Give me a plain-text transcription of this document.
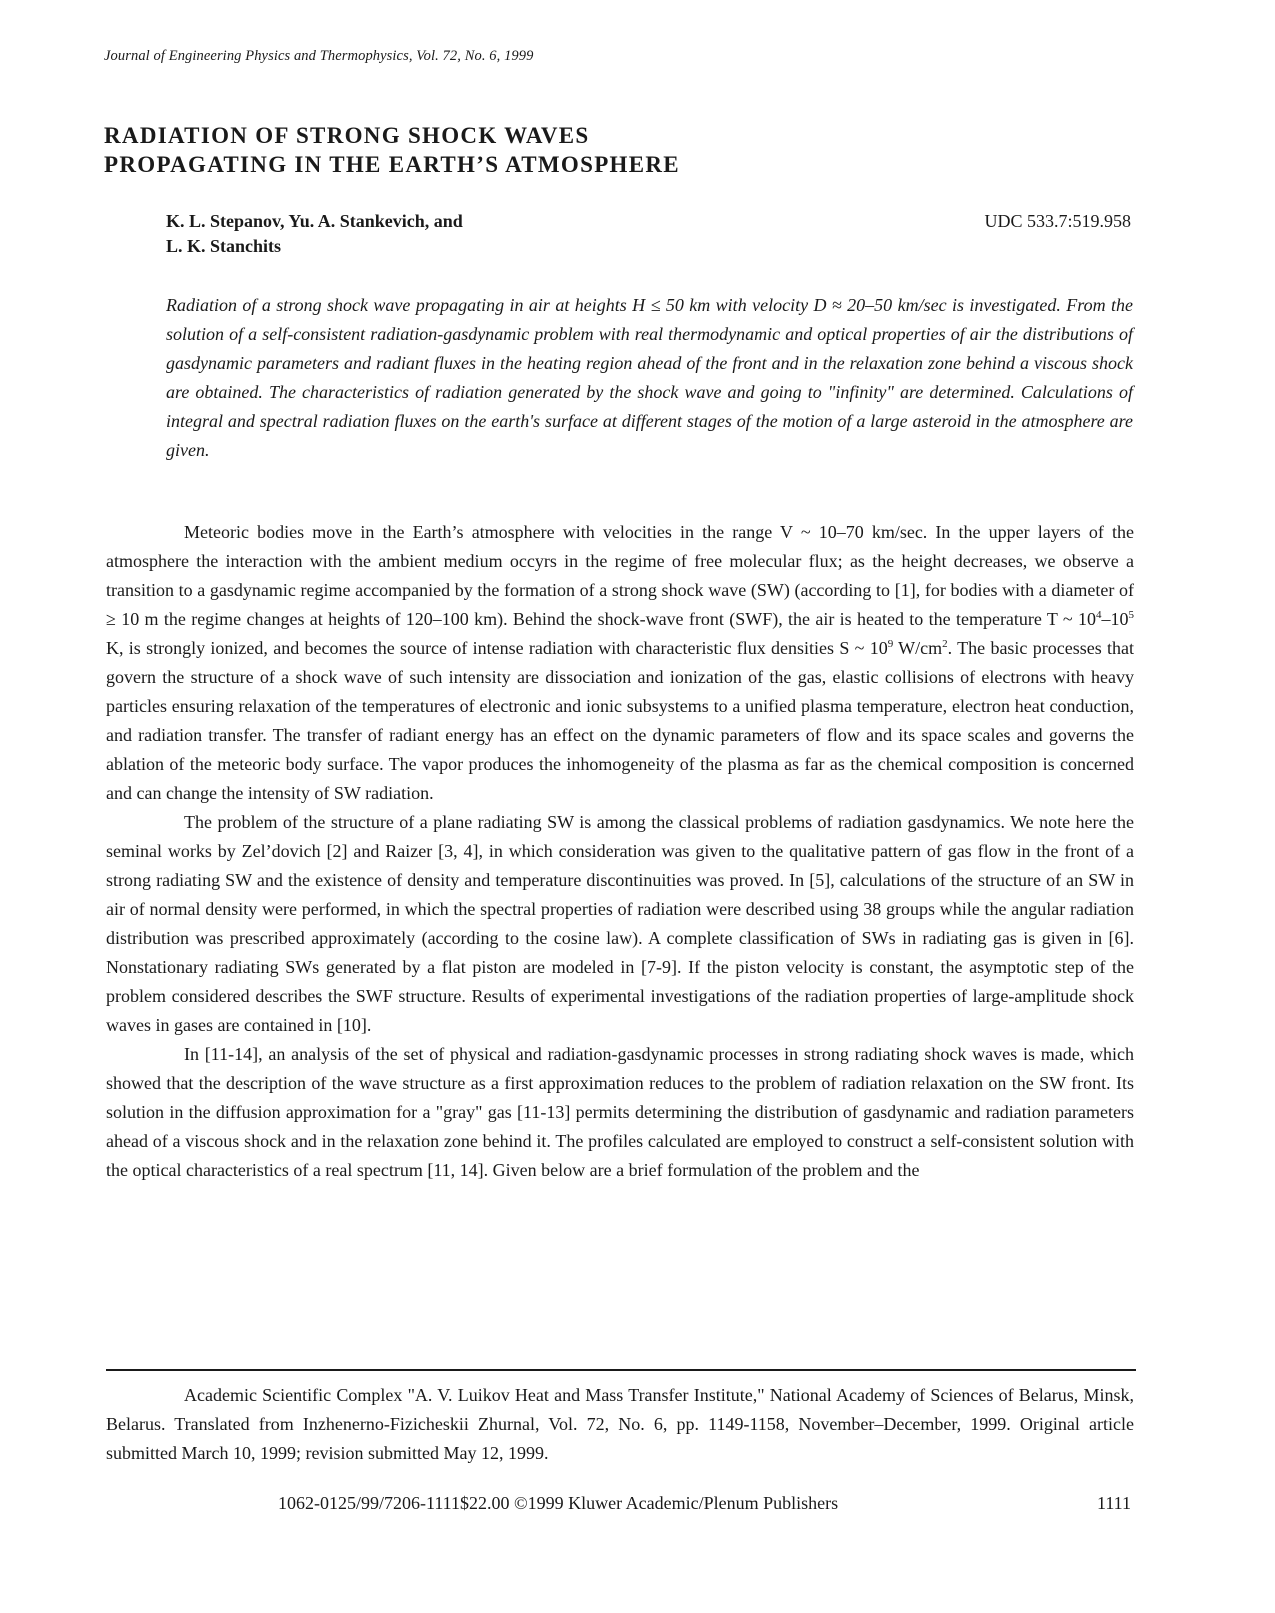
Journal of Engineering Physics and Thermophysics, Vol. 72, No. 6, 1999
RADIATION OF STRONG SHOCK WAVES
PROPAGATING IN THE EARTH’S ATMOSPHERE
K. L. Stepanov, Yu. A. Stankevich, and
L. K. Stanchits
UDC 533.7:519.958

Radiation of a strong shock wave propagating in air at heights H ≤ 50 km with velocity D ≈ 20–50 km/sec is investigated. From the solution of a self-consistent radiation-gasdynamic problem with real thermodynamic and optical properties of air the distributions of gasdynamic parameters and radiant fluxes in the heating region ahead of the front and in the relaxation zone behind a viscous shock are obtained. The characteristics of radiation generated by the shock wave and going to "infinity" are determined. Calculations of integral and spectral radiation fluxes on the earth's surface at different stages of the motion of a large asteroid in the atmosphere are given.

Meteoric bodies move in the Earth’s atmosphere with velocities in the range V ~ 10–70 km/sec. In the upper layers of the atmosphere the interaction with the ambient medium occyrs in the regime of free molecular flux; as the height decreases, we observe a transition to a gasdynamic regime accompanied by the formation of a strong shock wave (SW) (according to [1], for bodies with a diameter of ≥ 10 m the regime changes at heights of 120–100 km). Behind the shock-wave front (SWF), the air is heated to the temperature T ~ $10^4-10^5$ K, is strongly ionized, and becomes the source of intense radiation with characteristic flux densities S ~ $10^9$ $W/cm^2$. The basic processes that govern the structure of a shock wave of such intensity are dissociation and ionization of the gas, elastic collisions of electrons with heavy particles ensuring relaxation of the temperatures of electronic and ionic subsystems to a unified plasma temperature, electron heat conduction, and radiation transfer. The transfer of radiant energy has an effect on the dynamic parameters of flow and its space scales and governs the ablation of the meteoric body surface. The vapor produces the inhomogeneity of the plasma as far as the chemical composition is concerned and can change the intensity of SW radiation.

The problem of the structure of a plane radiating SW is among the classical problems of radiation gasdynamics. We note here the seminal works by Zel’dovich [2] and Raizer [3, 4], in which consideration was given to the qualitative pattern of gas flow in the front of a strong radiating SW and the existence of density and temperature discontinuities was proved. In [5], calculations of the structure of an SW in air of normal density were performed, in which the spectral properties of radiation were described using 38 groups while the angular radiation distribution was prescribed approximately (according to the cosine law). A complete classification of SWs in radiating gas is given in [6]. Nonstationary radiating SWs generated by a flat piston are modeled in [7-9]. If the piston velocity is constant, the asymptotic step of the problem considered describes the SWF structure. Results of experimental investigations of the radiation properties of large-amplitude shock waves in gases are contained in [10].

In [11-14], an analysis of the set of physical and radiation-gasdynamic processes in strong radiating shock waves is made, which showed that the description of the wave structure as a first approximation reduces to the problem of radiation relaxation on the SW front. Its solution in the diffusion approximation for a "gray" gas [11-13] permits determining the distribution of gasdynamic and radiation parameters ahead of a viscous shock and in the relaxation zone behind it. The profiles calculated are employed to construct a self-consistent solution with the optical characteristics of a real spectrum [11, 14]. Given below are a brief formulation of the problem and the

Academic Scientific Complex "A. V. Luikov Heat and Mass Transfer Institute," National Academy of Sciences of Belarus, Minsk, Belarus. Translated from Inzhenerno-Fizicheskii Zhurnal, Vol. 72, No. 6, pp. 1149-1158, November–December, 1999. Original article submitted March 10, 1999; revision submitted May 12, 1999.

1062-0125/99/7206-1111$22.00 ©1999 Kluwer Academic/Plenum Publishers	1111
